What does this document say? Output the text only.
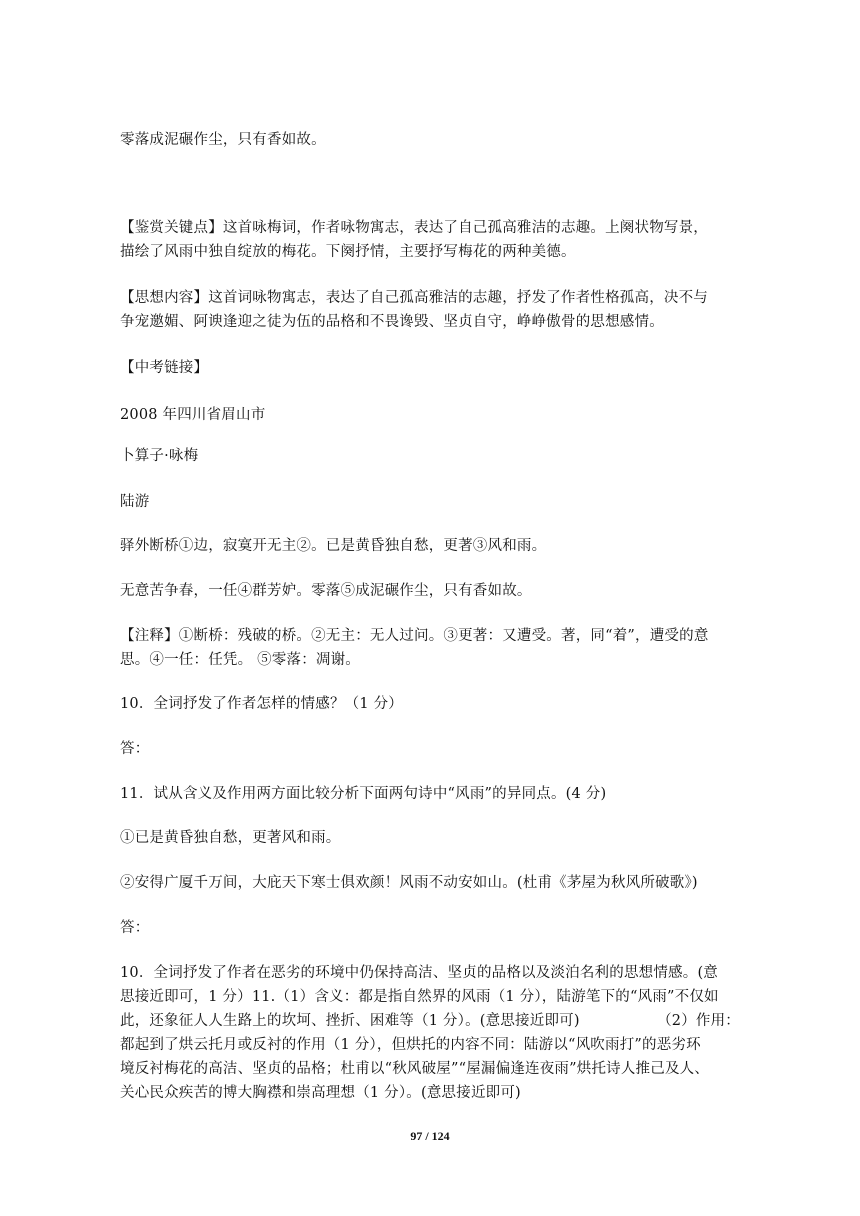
零落成泥碾作尘，只有香如故。
【鉴赏关键点】这首咏梅词，作者咏物寓志，表达了自己孤高雅洁的志趣。上阕状物写景，
描绘了风雨中独自绽放的梅花。下阕抒情，主要抒写梅花的两种美德。
【思想内容】这首词咏物寓志，表达了自己孤高雅洁的志趣，抒发了作者性格孤高，决不与
争宠邀媚、阿谀逢迎之徒为伍的品格和不畏谗毁、坚贞自守，峥峥傲骨的思想感情。
【中考链接】
2008 年四川省眉山市
卜算子·咏梅
陆游
驿外断桥①边，寂寞开无主②。已是黄昏独自愁，更著③风和雨。
无意苦争春，一任④群芳妒。零落⑤成泥碾作尘，只有香如故。
【注释】①断桥：残破的桥。②无主：无人过问。③更著：又遭受。著，同“着”，遭受的意
思。④一任：任凭。 ⑤零落：凋谢。
10．全词抒发了作者怎样的情感？（1 分）
答：
11．试从含义及作用两方面比较分析下面两句诗中“风雨”的异同点。(4 分)
①已是黄昏独自愁，更著风和雨。
②安得广厦千万间，大庇天下寒士俱欢颜！风雨不动安如山。(杜甫《茅屋为秋风所破歌》)
答：
10．全词抒发了作者在恶劣的环境中仍保持高洁、坚贞的品格以及淡泊名利的思想情感。(意
思接近即可，1 分）11.（1）含义：都是指自然界的风雨（1 分），陆游笔下的“风雨”不仅如
此，还象征人人生路上的坎坷、挫折、困难等（1 分）。(意思接近即可)	（2）作用：
都起到了烘云托月或反衬的作用（1 分），但烘托的内容不同：陆游以“风吹雨打”的恶劣环
境反衬梅花的高洁、坚贞的品格；杜甫以“秋风破屋”“屋漏偏逢连夜雨”烘托诗人推己及人、
关心民众疾苦的博大胸襟和崇高理想（1 分）。(意思接近即可)
97 / 124
